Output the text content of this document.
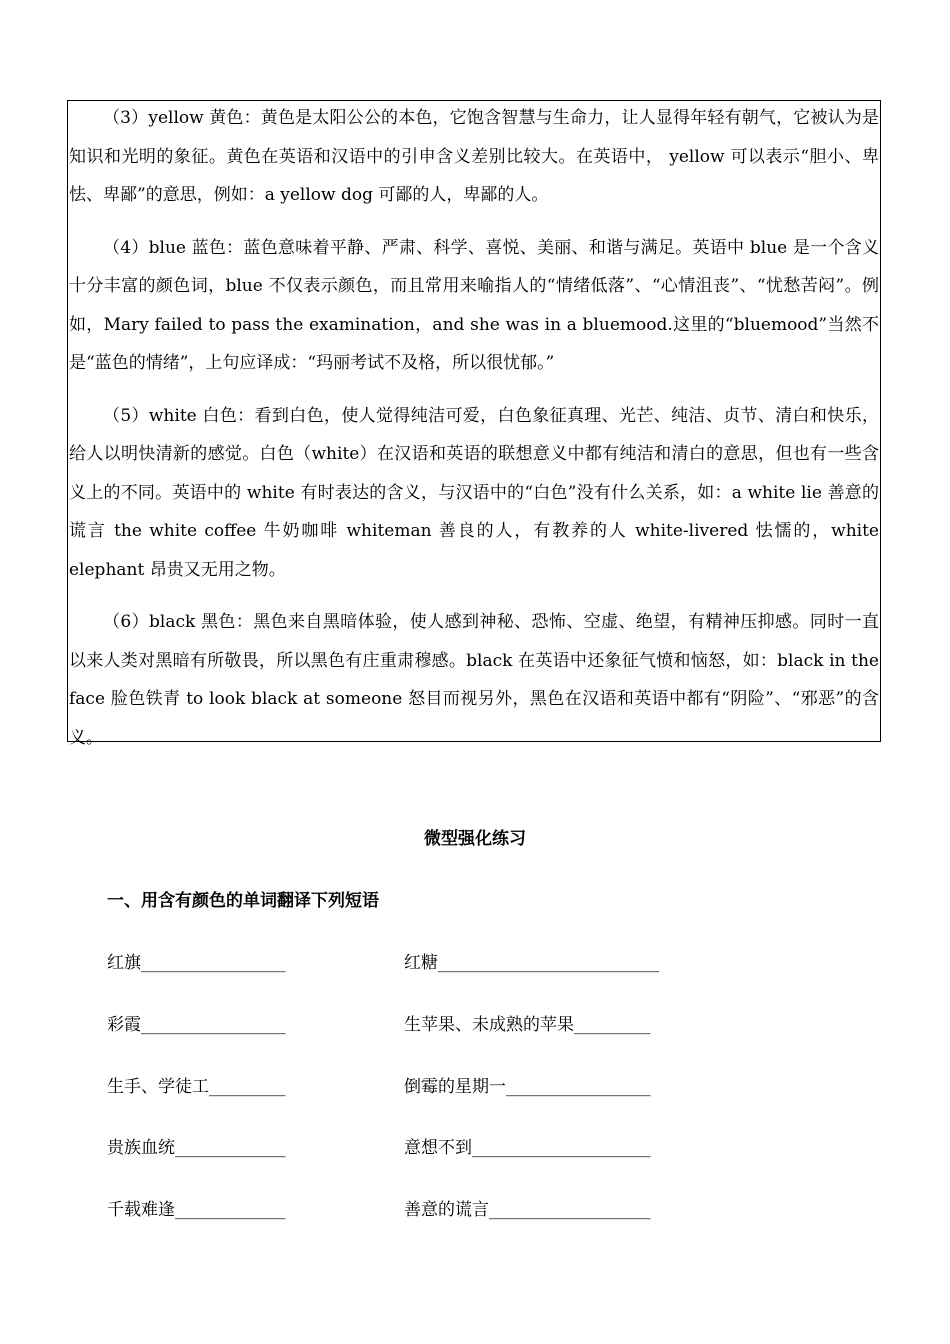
（3）yellow 黄色：黄色是太阳公公的本色，它饱含智慧与生命力，让人显得年轻有朝气，它被认为是知识和光明的象征。黄色在英语和汉语中的引申含义差别比较大。在英语中， yellow 可以表示“胆小、卑怯、卑鄙”的意思，例如：a yellow dog 可鄙的人，卑鄙的人。

（4）blue 蓝色：蓝色意味着平静、严肃、科学、喜悦、美丽、和谐与满足。英语中 blue 是一个含义十分丰富的颜色词，blue 不仅表示颜色，而且常用来喻指人的“情绪低落”、“心情沮丧”、“忧愁苦闷”。例如，Mary failed to pass the examination，and she was in a bluemood.这里的“bluemood”当然不是“蓝色的情绪”，上句应译成：“玛丽考试不及格，所以很忧郁。”

（5）white 白色：看到白色，使人觉得纯洁可爱，白色象征真理、光芒、纯洁、贞节、清白和快乐，给人以明快清新的感觉。白色（white）在汉语和英语的联想意义中都有纯洁和清白的意思，但也有一些含义上的不同。英语中的 white 有时表达的含义，与汉语中的“白色”没有什么关系，如：a white lie 善意的谎言 the white coffee 牛奶咖啡 whiteman 善良的人，有教养的人 white-livered 怯懦的，white elephant 昂贵又无用之物。

（6）black 黑色：黑色来自黑暗体验，使人感到神秘、恐怖、空虚、绝望，有精神压抑感。同时一直以来人类对黑暗有所敬畏，所以黑色有庄重肃穆感。black 在英语中还象征气愤和恼怒，如：black in the face 脸色铁青 to look black at someone 怒目而视另外，黑色在汉语和英语中都有“阴险”、“邪恶”的含义。

微型强化练习
一、用含有颜色的单词翻译下列短语
红旗_________________	红糖__________________________
彩霞_________________	生苹果、未成熟的苹果_________
生手、学徒工_________	倒霉的星期一_________________
贵族血统_____________	意想不到_____________________
千载难逢_____________	善意的谎言___________________
